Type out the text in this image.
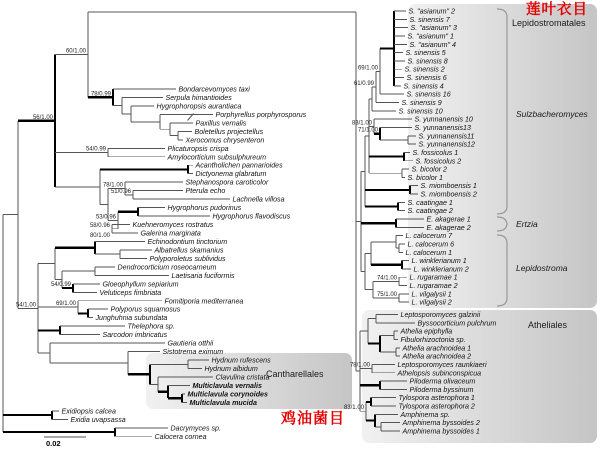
56/1.00
60/1.00
78/0.99
Bondarcevomyces taxi
Serpula himantioides
Hygrophoropsis aurantiaca
Porphyrellus porphyrosporus
Paxillus vernalis
Boletellus projectellus
Xerocomus chrysenteron
54/0.99	Plicaturopsis crispa
Amylocorticium subsulphureum
Acantholichen pannarioides
Dictyonema glabratum
78/1.00	Stephanospora caroticolor
51/0.96	Pterula echo
Lachnella villosa
53/0.96
Hygrophorus pudorinus
Hygrophorus flavodiscus
58/0.96
80/1.00
Kuehneromyces rostratus
Galerina marginata
54/1.00
Echinodontium tinctorium
Albatrellus skamanius
Polyporoletus sublividus
Dendrocorticium roseocarneum
Laetisaria fuciformis
54/0.99	Gloeophyllum sepiarium
Veluticeps fimbriata
69/1.00	Fomitiporia mediterranea
Polyporus squamosus
Junghuhnia subundata
Thelephora sp.
Sarcodon imbricatus
Gautieria otthii
Sistotrema eximum
Hydnum rufescens
Hydnum albidum
Clavulina cristata
Multiclavula vernalis
Multiclavula corynoides
Multiclavula mucida
Exidiopsis calcea
Exidia uvapsassa
Dacrymyces sp.
Calocera cornea
61/0.99
69/1.00
S. "asianum" 2
S. sinensis 7
S. "asianum" 3
S. "asianum" 1
S. "asianum" 4
S. sinensis 5
S. sinensis 8
S. sinensis 2
S. sinensis 6
S. sinensis 4
S. sinensis 16
S. sinensis 9
S. sinensis 10
83/1.00	S. yunnanensis 10
71/1.00	S. yunnanensis13
S. yunnanensis11
S. yunnanensis12
S. fossicolus 1
S. fossicolus 2
S. bicolor 2
S. bicolor 1
S. miomboensis 1
S. miomboensis 2
S. caatingae 1
S. caatingae 2
E. akagerae 1
E. akagerae 2
L. calocerum 7
L. calocerum 6
L. calocerum 1
L. winklerianum 1
L. winklerianum 2
74/1.00 L. rugaramae 1
L. rugaramae 2
75/1.00 L. vilgalysii 1
L. vilgalysii 2
Leptosporomyces galzinii
Byssocorticium pulchrum
Athelia epiphylla
Fibulorhizoctonia sp.
Athelia arachnoidea 1
Athelia arachnoidea 2
78/1.00	Leptosporomyces raunkiaeri
Athelopsis subinconspicua
Piloderma olivaceum
Piloderma byssinum
83/1.00
Tylospora asterophora 1
Tylospora asterophora 2
Amphinema sp.
Amphinema byssoides 2
Amphinema byssoides 1
莲叶衣目
Lepidostromatales
Sulzbacheromyces
Ertzia
Lepidostroma
Atheliales
Cantharellales
鸡油菌目
0.02
